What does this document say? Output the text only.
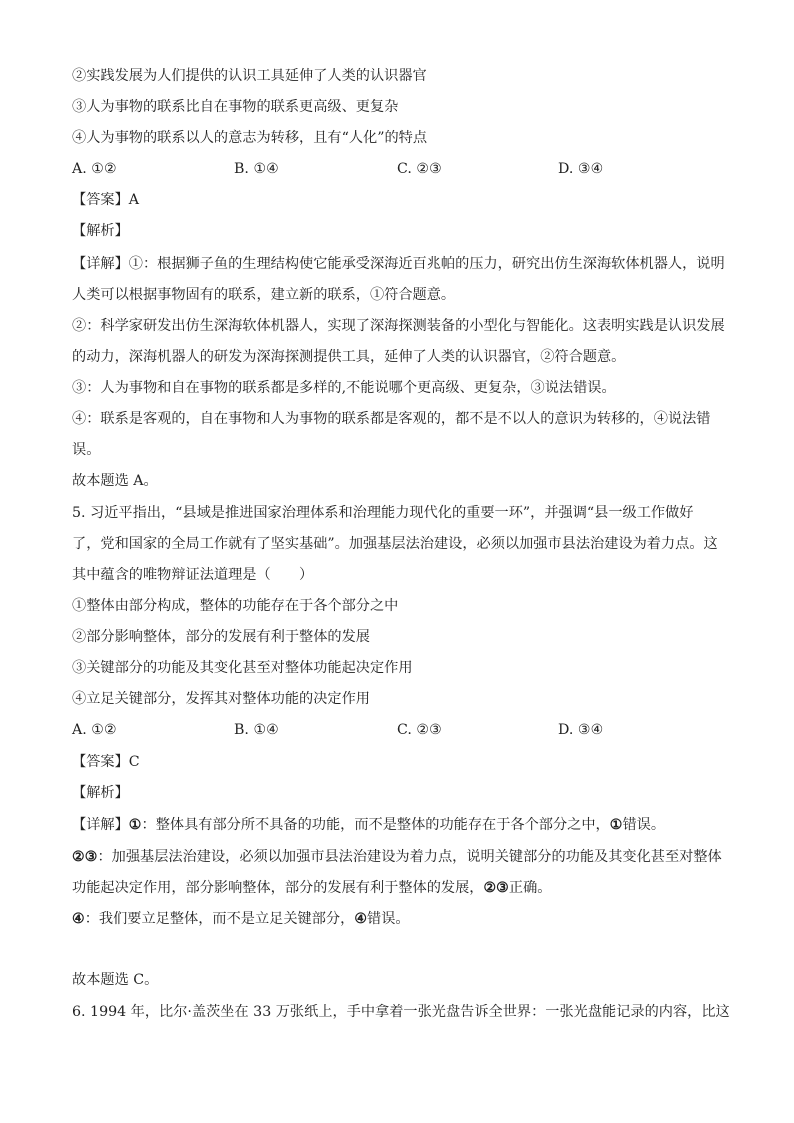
②实践发展为人们提供的认识工具延伸了人类的认识器官
③人为事物的联系比自在事物的联系更高级、更复杂
④人为事物的联系以人的意志为转移，且有“人化”的特点
A. ①②	B. ①④	C. ②③	D. ③④
【答案】A
【解析】
【详解】①：根据狮子鱼的生理结构使它能承受深海近百兆帕的压力，研究出仿生深海软体机器人，说明
人类可以根据事物固有的联系，建立新的联系，①符合题意。
②：科学家研发出仿生深海软体机器人，实现了深海探测装备的小型化与智能化。这表明实践是认识发展
的动力，深海机器人的研发为深海探测提供工具，延伸了人类的认识器官，②符合题意。
③：人为事物和自在事物的联系都是多样的,不能说哪个更高级、更复杂，③说法错误。
④：联系是客观的，自在事物和人为事物的联系都是客观的，都不是不以人的意识为转移的，④说法错
误。
故本题选 A。
5. 习近平指出，“县域是推进国家治理体系和治理能力现代化的重要一环”，并强调“县一级工作做好
了，党和国家的全局工作就有了坚实基础”。加强基层法治建设，必须以加强市县法治建设为着力点。这
其中蕴含的唯物辩证法道理是（　　）
①整体由部分构成，整体的功能存在于各个部分之中
②部分影响整体，部分的发展有利于整体的发展
③关键部分的功能及其变化甚至对整体功能起决定作用
④立足关键部分，发挥其对整体功能的决定作用
A. ①②	B. ①④	C. ②③	D. ③④
【答案】C
【解析】
【详解】①：整体具有部分所不具备的功能，而不是整体的功能存在于各个部分之中，①错误。
②③：加强基层法治建设，必须以加强市县法治建设为着力点，说明关键部分的功能及其变化甚至对整体
功能起决定作用，部分影响整体，部分的发展有利于整体的发展，②③正确。
④：我们要立足整体，而不是立足关键部分，④错误。
故本题选 C。
6. 1994 年，比尔·盖茨坐在 33 万张纸上，手中拿着一张光盘告诉全世界：一张光盘能记录的内容，比这
